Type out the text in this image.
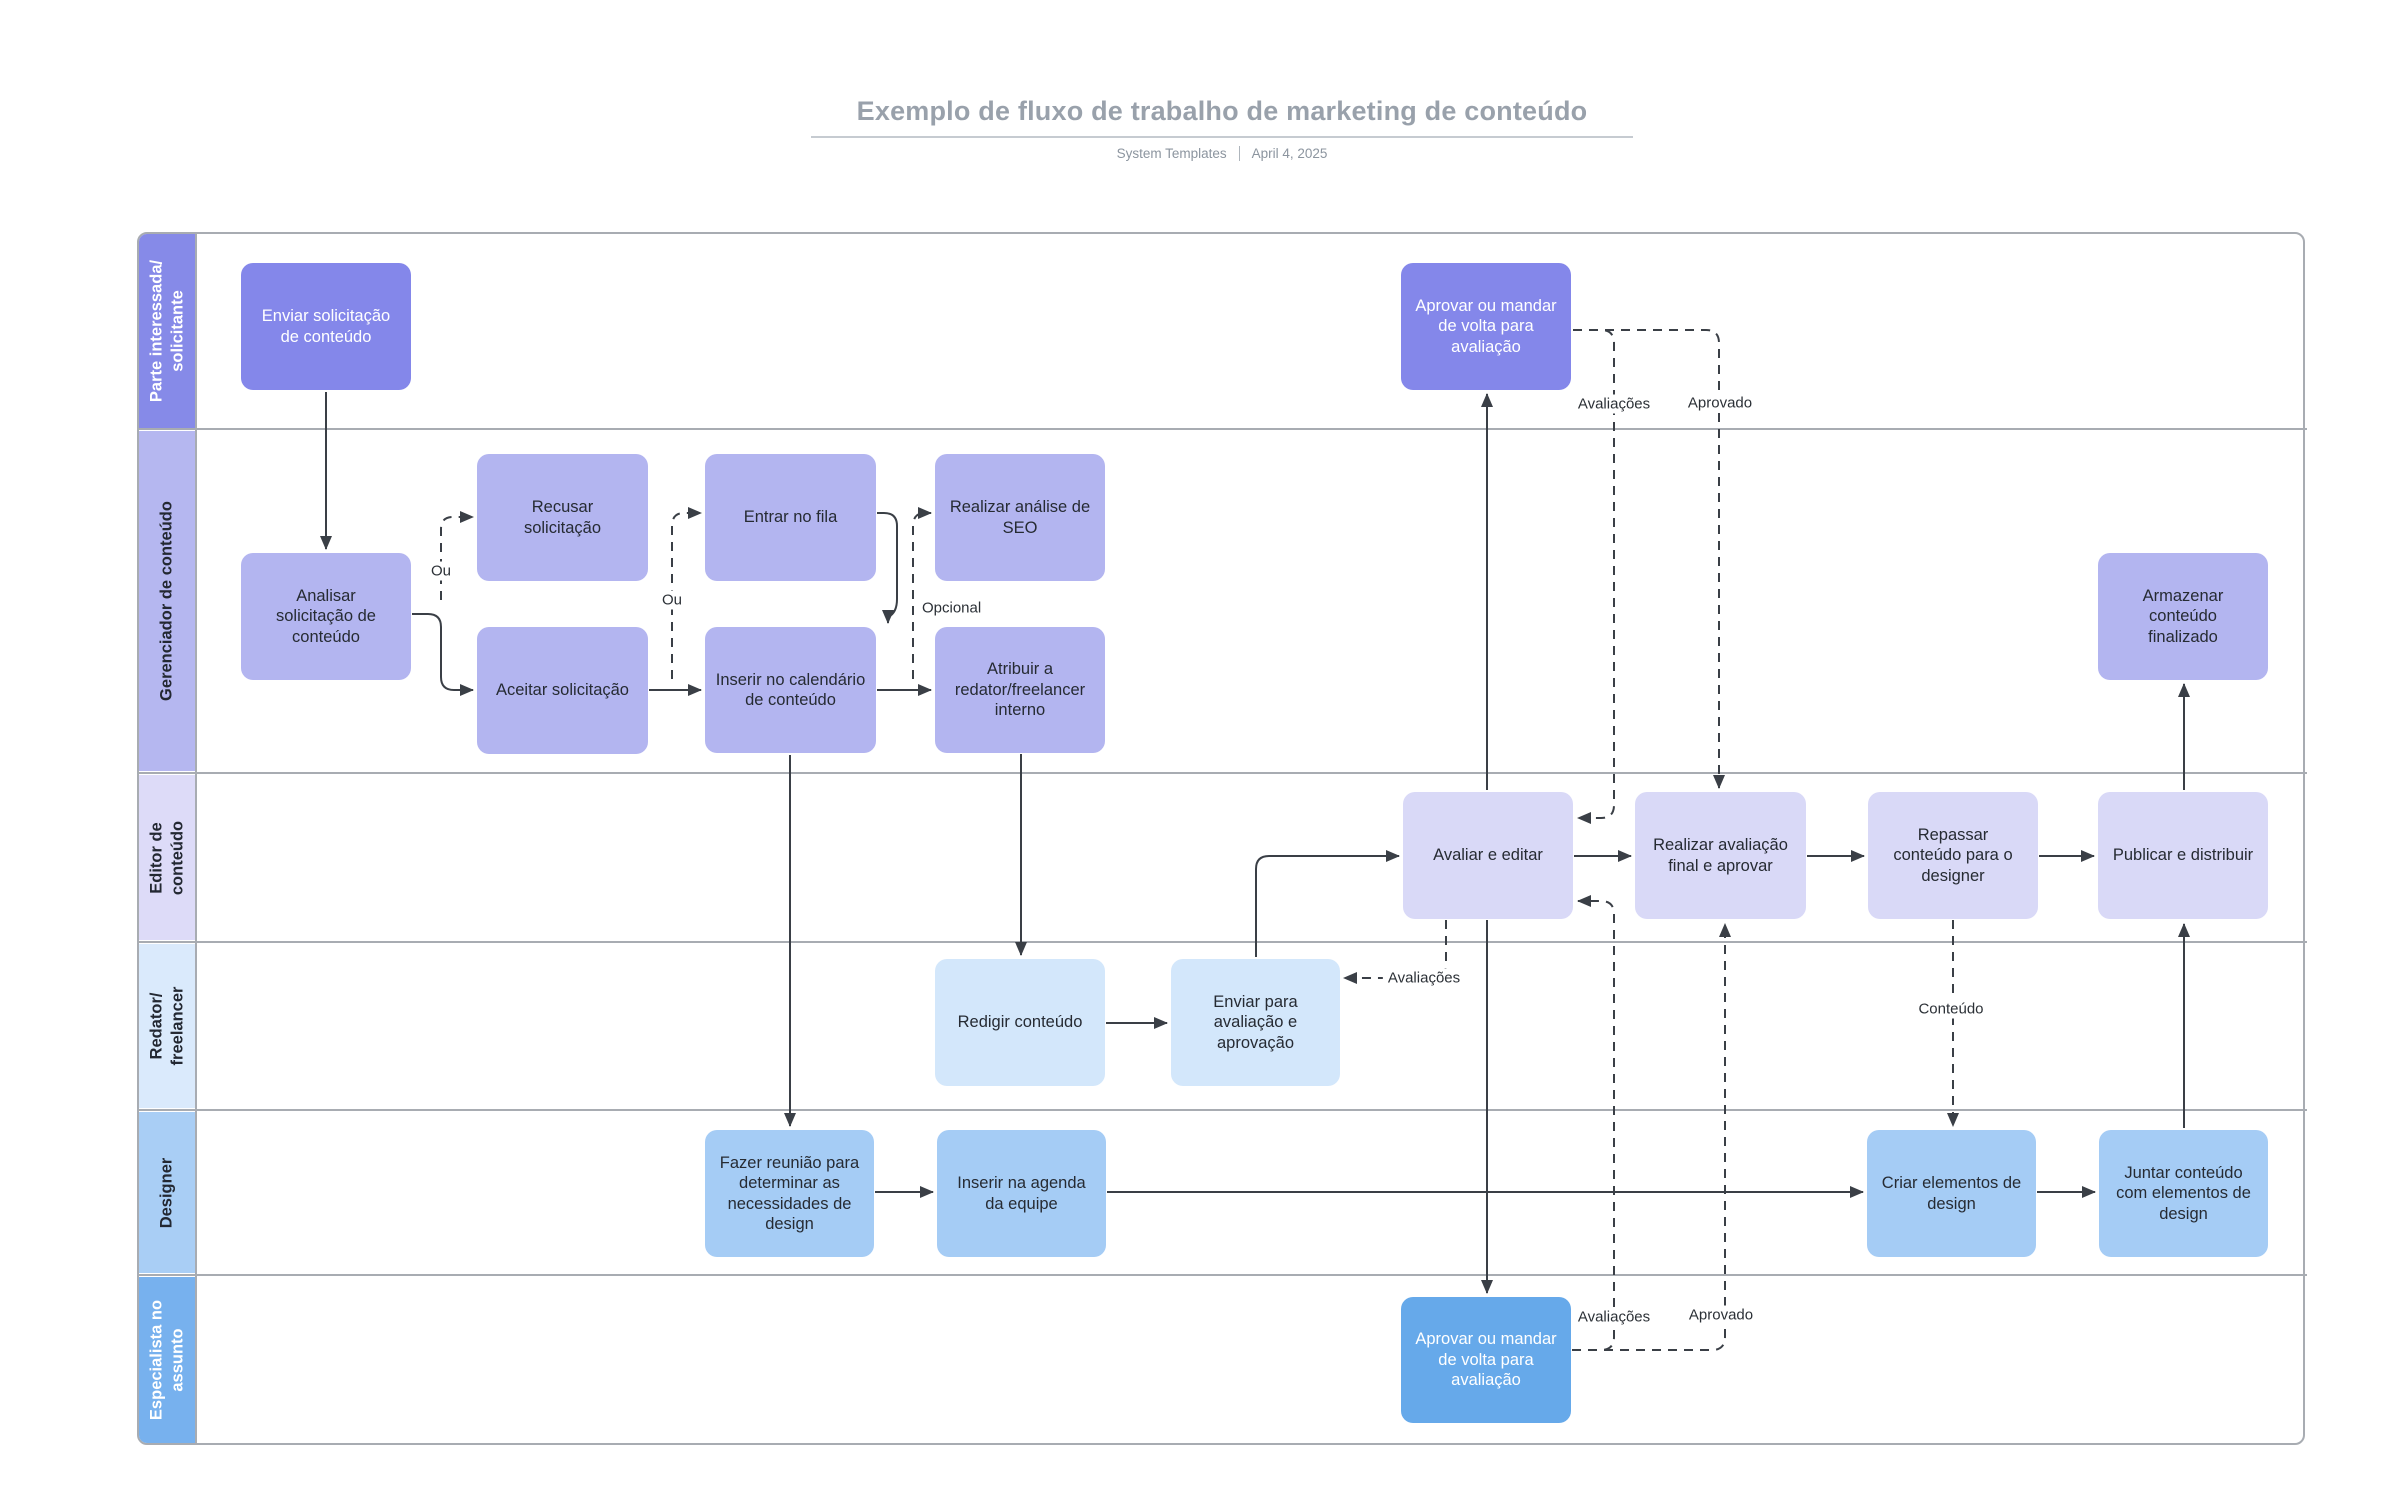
Exemplo de fluxo de trabalho de marketing de conteúdo
System Templates April 4, 2025
Parte interessada/ solicitante
Gerenciador de conteúdo
Editor de conteúdo
Redator/ freelancer
Designer
Especialista no assunto
Enviar solicitação de conteúdo
Aprovar ou mandar de volta para avaliação
Analisar solicitação de conteúdo
Recusar solicitação
Aceitar solicitação
Entrar no fila
Inserir no calendário de conteúdo
Realizar análise de SEO
Atribuir a redator/freelancer interno
Armazenar conteúdo finalizado
Avaliar e editar
Realizar avaliação final e aprovar
Repassar conteúdo para o designer
Publicar e distribuir
Redigir conteúdo
Enviar para avaliação e aprovação
Fazer reunião para determinar as necessidades de design
Inserir na agenda da equipe
Criar elementos de design
Juntar conteúdo com elementos de design
Aprovar ou mandar de volta para avaliação
Ou
Ou	Opcional
Avaliações	Aprovado
Avaliações
Conteúdo
Avaliações	Aprovado
